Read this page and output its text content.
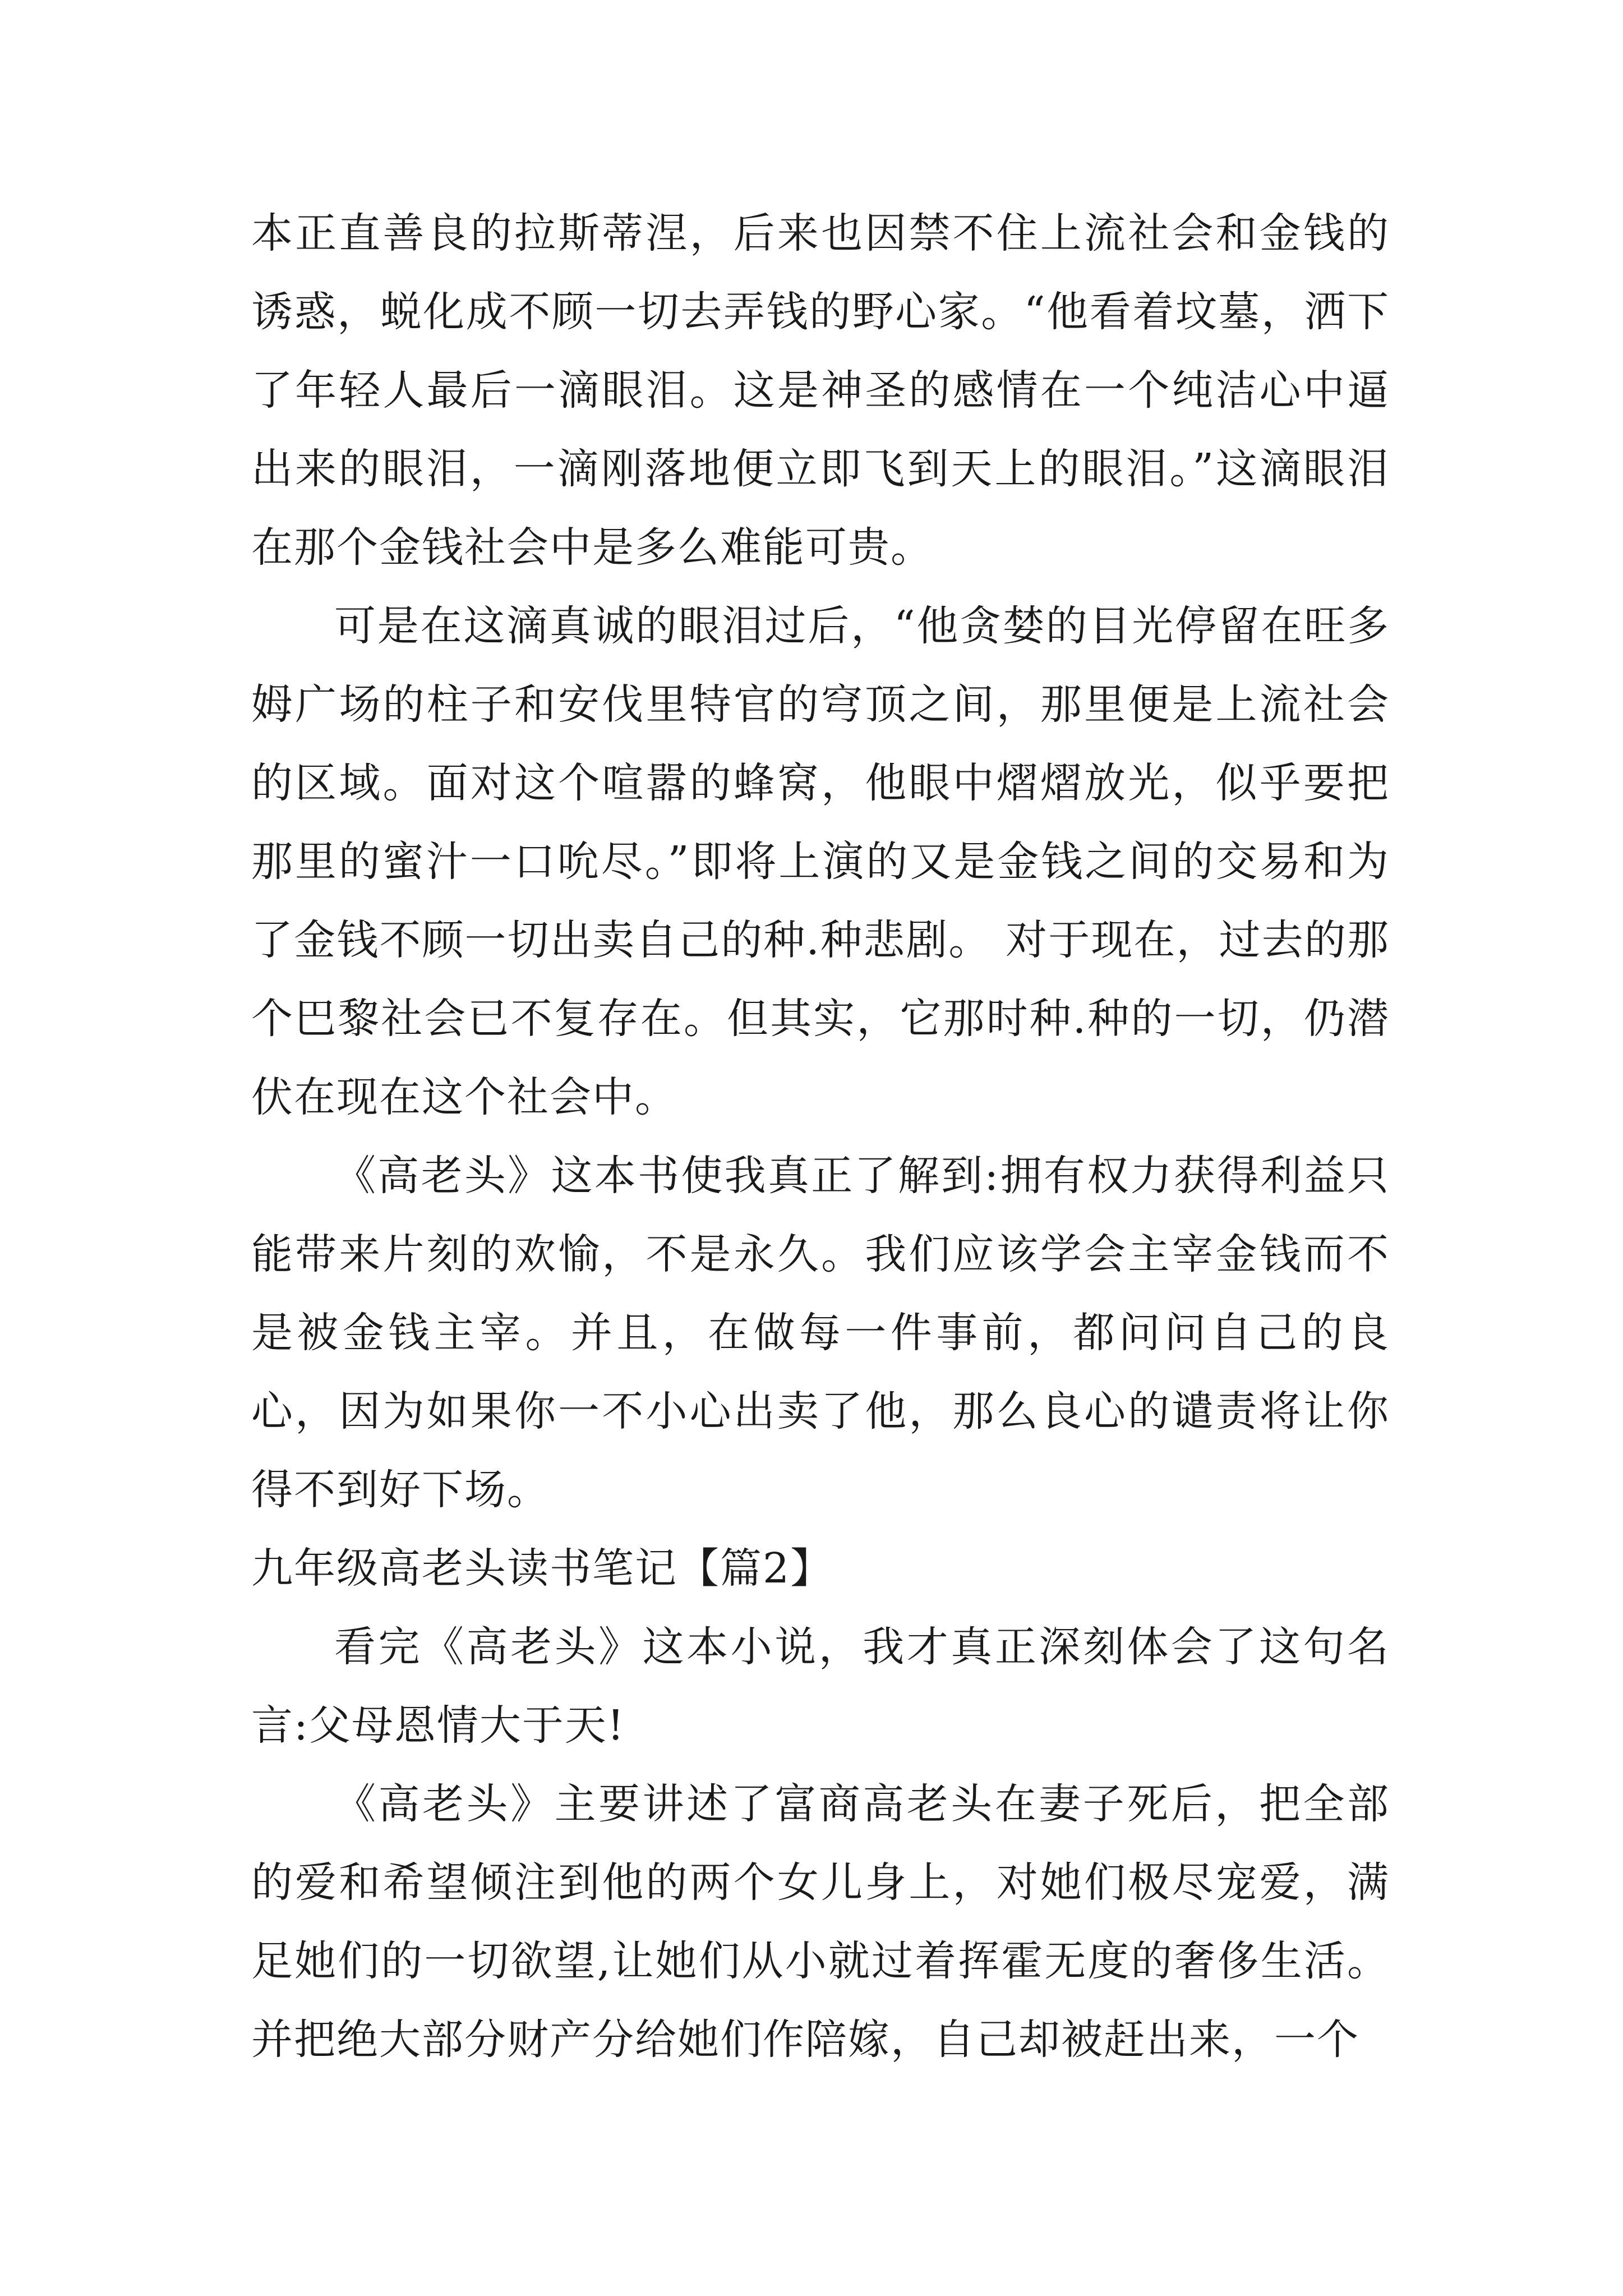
本正直善良的拉斯蒂涅，后来也因禁不住上流社会和金钱的诱惑，蜕化成不顾一切去弄钱的野心家。“他看着坟墓，洒下了年轻人最后一滴眼泪。这是神圣的感情在一个纯洁心中逼出来的眼泪，一滴刚落地便立即飞到天上的眼泪。”这滴眼泪在那个金钱社会中是多么难能可贵。

可是在这滴真诚的眼泪过后，“他贪婪的目光停留在旺多姆广场的柱子和安伐里特官的穹顶之间，那里便是上流社会的区域。面对这个喧嚣的蜂窝，他眼中熠熠放光，似乎要把那里的蜜汁一口吮尽。”即将上演的又是金钱之间的交易和为了金钱不顾一切出卖自己的种.种悲剧。 对于现在，过去的那个巴黎社会已不复存在。但其实，它那时种.种的一切，仍潜伏在现在这个社会中。

《高老头》这本书使我真正了解到:拥有权力获得利益只能带来片刻的欢愉，不是永久。我们应该学会主宰金钱而不是被金钱主宰。并且，在做每一件事前，都问问自己的良心，因为如果你一不小心出卖了他，那么良心的谴责将让你得不到好下场。

九年级高老头读书笔记【篇2】

看完《高老头》这本小说，我才真正深刻体会了这句名言:父母恩情大于天!

《高老头》主要讲述了富商高老头在妻子死后，把全部的爱和希望倾注到他的两个女儿身上，对她们极尽宠爱，满足她们的一切欲望,让她们从小就过着挥霍无度的奢侈生活。并把绝大部分财产分给她们作陪嫁，自己却被赶出来，一个
